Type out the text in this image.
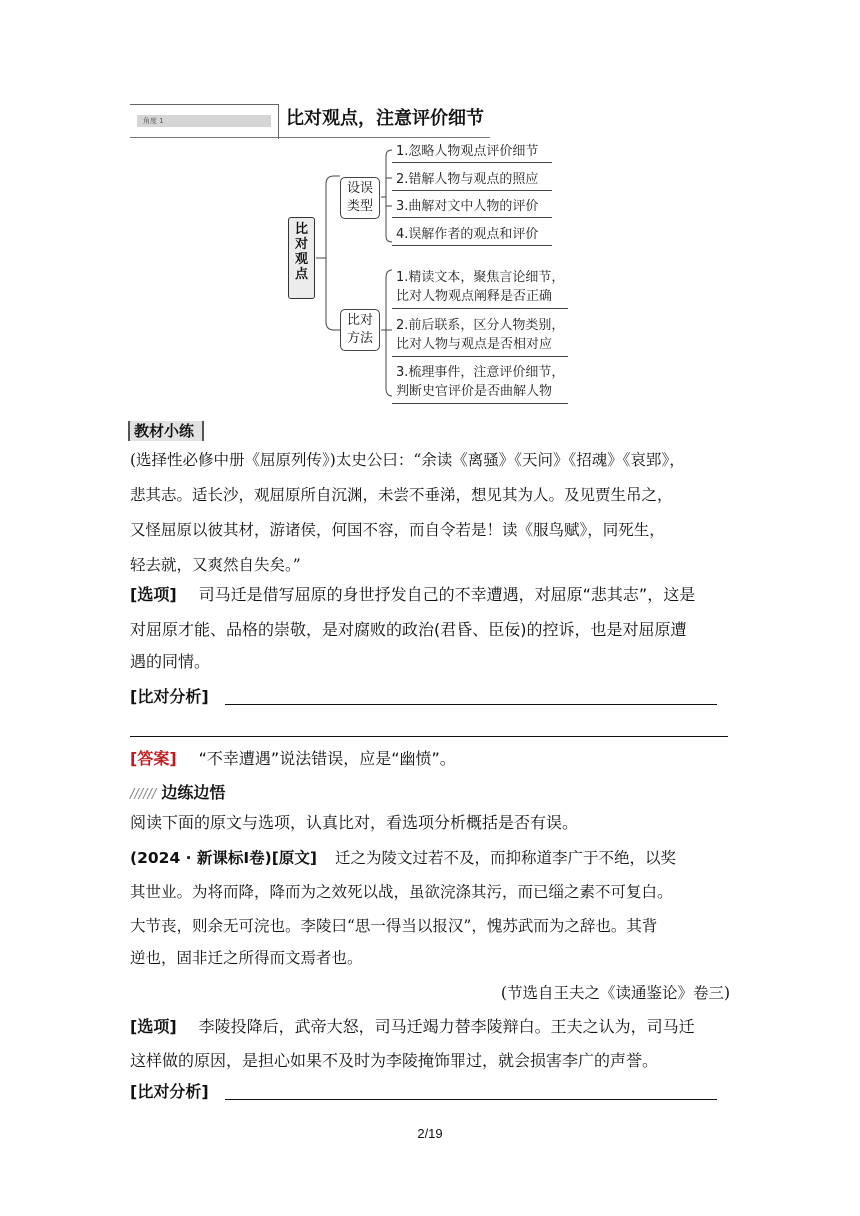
角度 1	比对观点，注意评价细节
比对观点
设误类型
比对方法
1.忽略人物观点评价细节
2.错解人物与观点的照应
3.曲解对文中人物的评价
4.误解作者的观点和评价
1.精读文本，聚焦言论细节，
比对人物观点阐释是否正确
2.前后联系，区分人物类别，
比对人物与观点是否相对应
3.梳理事件，注意评价细节，
判断史官评价是否曲解人物
教材小练
(选择性必修中册《屈原列传》)太史公曰：“余读《离骚》《天问》《招魂》《哀郢》，
悲其志。适长沙，观屈原所自沉渊，未尝不垂涕，想见其为人。及见贾生吊之，
又怪屈原以彼其材，游诸侯，何国不容，而自令若是！读《服鸟赋》，同死生，
轻去就，又爽然自失矣。”
[选项] 司马迁是借写屈原的身世抒发自己的不幸遭遇，对屈原“悲其志”，这是
对屈原才能、品格的崇敬，是对腐败的政治(君昏、臣佞)的控诉，也是对屈原遭
遇的同情。
[比对分析]
[答案] “不幸遭遇”说法错误，应是“幽愤”。
////// 边练边悟
阅读下面的原文与选项，认真比对，看选项分析概括是否有误。
(2024 · 新课标Ⅰ卷)[原文] 迁之为陵文过若不及，而抑称道李广于不绝，以奖
其世业。为将而降，降而为之效死以战，虽欲浣涤其污，而已缁之素不可复白。
大节丧，则余无可浣也。李陵曰“思一得当以报汉”，愧苏武而为之辞也。其背
逆也，固非迁之所得而文焉者也。
(节选自王夫之《读通鉴论》卷三)
[选项] 李陵投降后，武帝大怒，司马迁竭力替李陵辩白。王夫之认为，司马迁
这样做的原因，是担心如果不及时为李陵掩饰罪过，就会损害李广的声誉。
[比对分析]
2/19
